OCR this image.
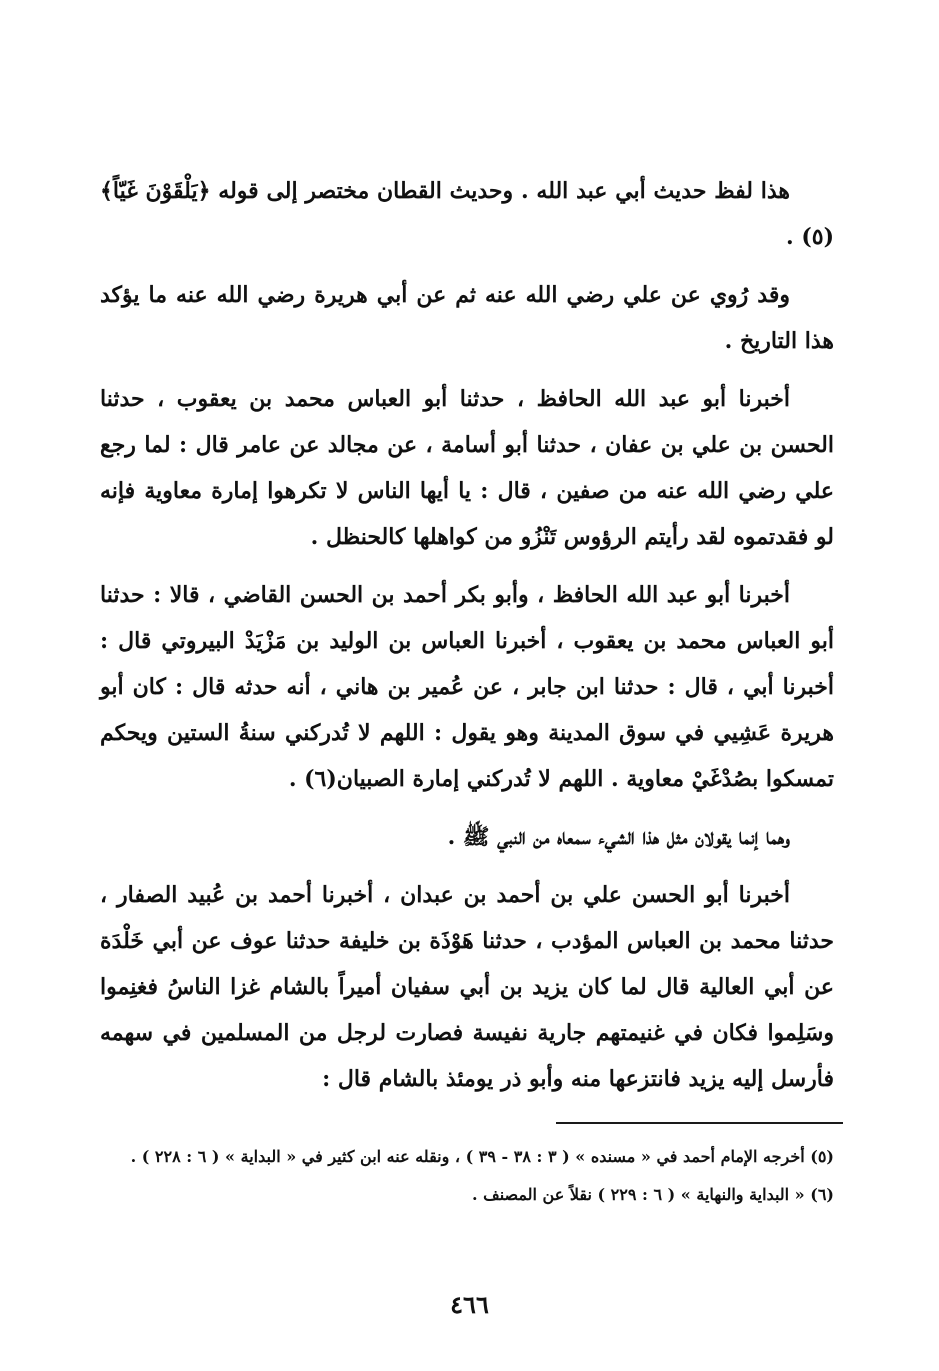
هذا لفظ حديث أبي عبد الله . وحديث القطان مختصر إلى قوله ﴿يَلْقَوْنَ غَيّاً﴾(٥) .

وقد رُوي عن علي رضي الله عنه ثم عن أبي هريرة رضي الله عنه ما يؤكد هذا التاريخ .

أخبرنا أبو عبد الله الحافظ ، حدثنا أبو العباس محمد بن يعقوب ، حدثنا الحسن بن علي بن عفان ، حدثنا أبو أسامة ، عن مجالد عن عامر قال : لما رجع علي رضي الله عنه من صفين ، قال : يا أيها الناس لا تكرهوا إمارة معاوية فإنه لو فقدتموه لقد رأيتم الرؤوس تَنْزُو من كواهلها كالحنظل .

أخبرنا أبو عبد الله الحافظ ، وأبو بكر أحمد بن الحسن القاضي ، قالا : حدثنا أبو العباس محمد بن يعقوب ، أخبرنا العباس بن الوليد بن مَزْيَدْ البيروتي قال : أخبرنا أبي ، قال : حدثنا ابن جابر ، عن عُمير بن هاني ، أنه حدثه قال : كان أبو هريرة عَشِيي في سوق المدينة وهو يقول : اللهم لا تُدركني سنةُ الستين ويحكم تمسكوا بصُدْغَيْ معاوية . اللهم لا تُدركني إمارة الصبيان(٦) .

وهما إنما يقولان مثل هذا الشيء سمعاه من النبي ﷺ .

أخبرنا أبو الحسن علي بن أحمد بن عبدان ، أخبرنا أحمد بن عُبيد الصفار ، حدثنا محمد بن العباس المؤدب ، حدثنا هَوْذَة بن خليفة حدثنا عوف عن أبي خَلْدَة عن أبي العالية قال لما كان يزيد بن أبي سفيان أميراً بالشام غزا الناسُ فغنِموا وسَلِموا فكان في غنيمتهم جارية نفيسة فصارت لرجل من المسلمين في سهمه فأرسل إليه يزيد فانتزعها منه وأبو ذر يومئذ بالشام قال :

(٥) أخرجه الإمام أحمد في « مسنده » ( ٣ : ٣٨ - ٣٩ ) ، ونقله عنه ابن كثير في « البداية » ( ٦ : ٢٢٨ ) .

(٦) « البداية والنهاية » ( ٦ : ٢٢٩ ) نقلاً عن المصنف .

٤٦٦
